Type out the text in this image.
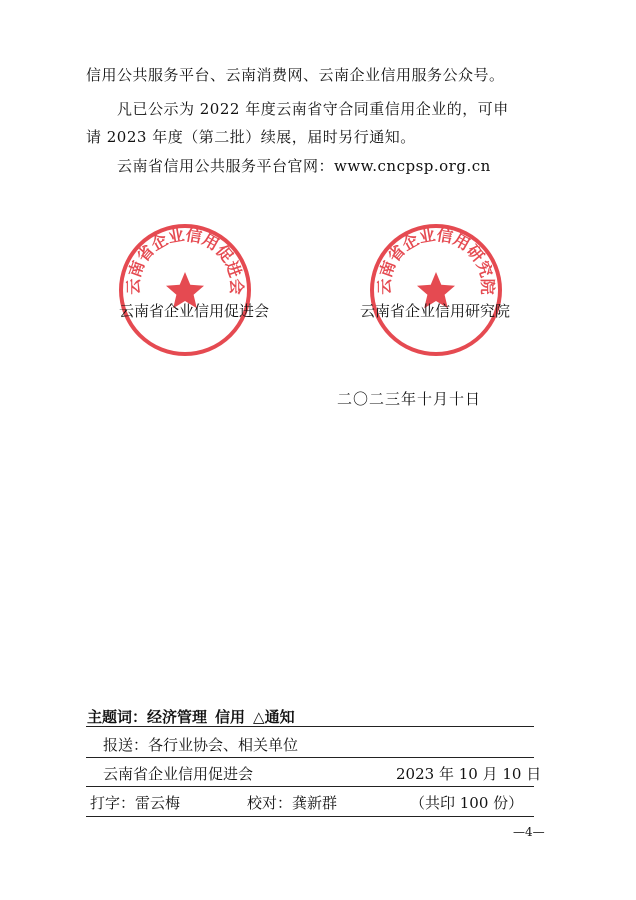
信用公共服务平台、云南消费网、云南企业信用服务公众号。
凡已公示为 2022 年度云南省守合同重信用企业的，可申
请 2023 年度（第二批）续展，届时另行通知。
云南省信用公共服务平台官网：www.cncpsp.org.cn
云南省企业信用促进会	云南省企业信用研究院
云南省企业信用促进会	云南省企业信用研究院
二〇二三年十月十日
主题词：经济管理 信用 △通知
报送：各行业协会、相关单位
云南省企业信用促进会	2023 年 10 月 10 日
打字：雷云梅	校对：龚新群	（共印 100 份）
—4—
